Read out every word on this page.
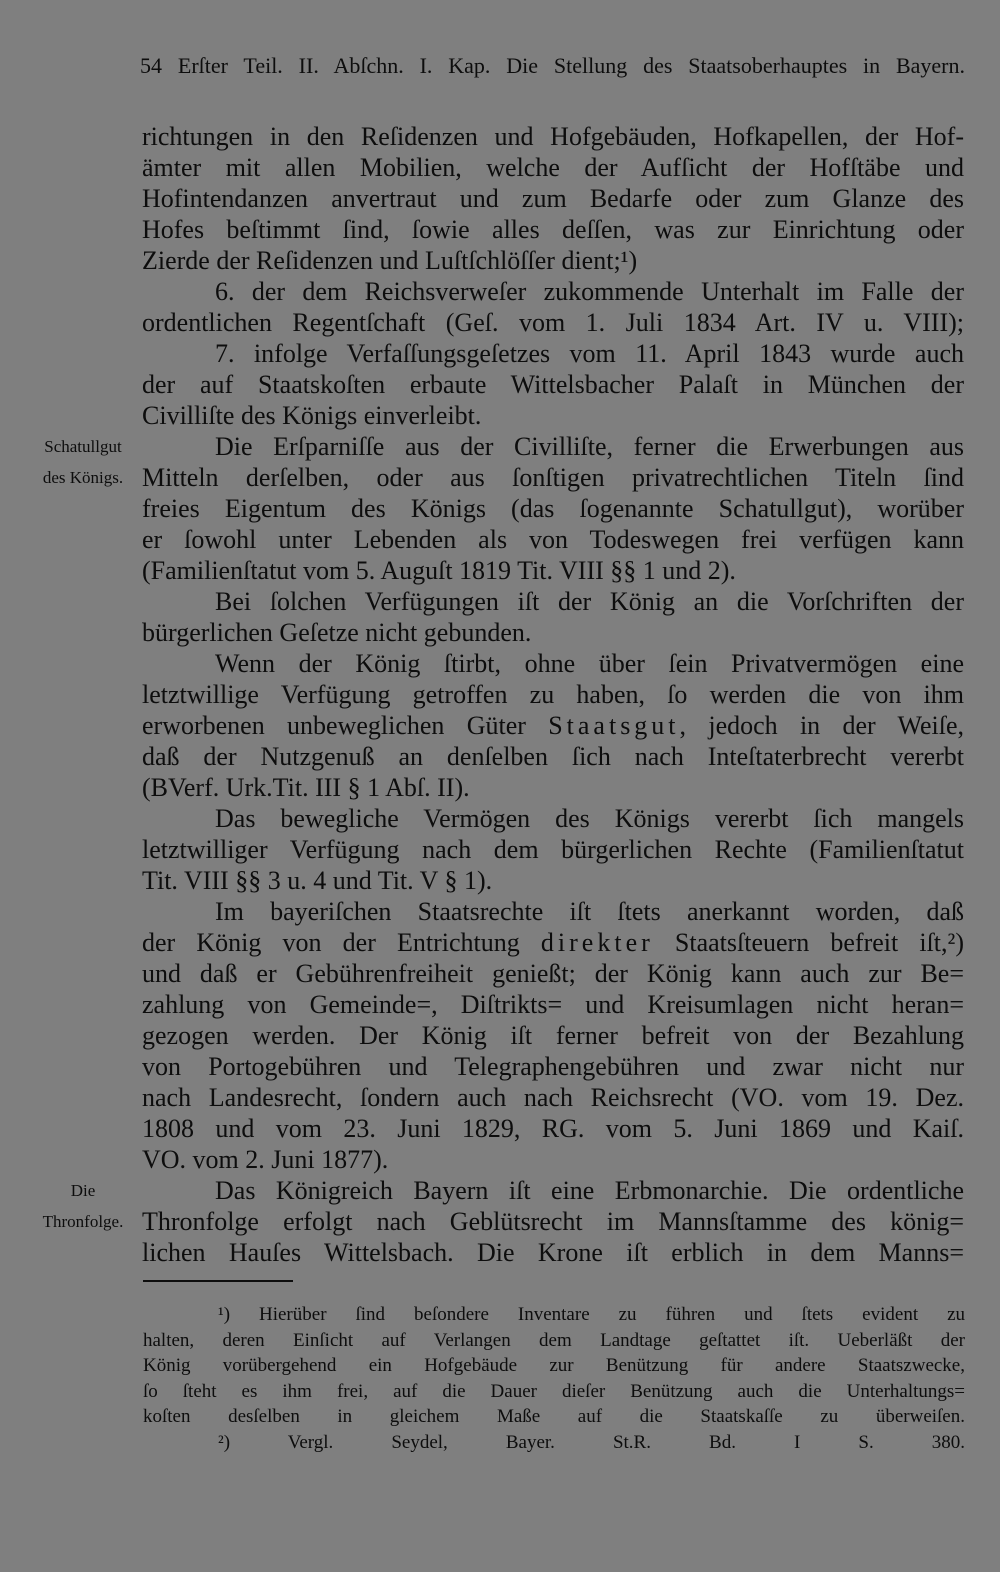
54 Erſter Teil. II. Abſchn. I. Kap. Die Stellung des Staatsoberhauptes in Bayern.
Schatullgut
des Königs.
Die
Thronfolge.
richtungen in den Reſidenzen und Hofgebäuden, Hofkapellen, der Hof-
ämter mit allen Mobilien, welche der Aufſicht der Hofſtäbe und
Hofintendanzen anvertraut und zum Bedarfe oder zum Glanze des
Hofes beſtimmt ſind, ſowie alles deſſen, was zur Einrichtung oder
Zierde der Reſidenzen und Luſtſchlöſſer dient;¹)
6. der dem Reichsverweſer zukommende Unterhalt im Falle der
ordentlichen Regentſchaft (Geſ. vom 1. Juli 1834 Art. IV u. VIII);
7. infolge Verfaſſungsgeſetzes vom 11. April 1843 wurde auch
der auf Staatskoſten erbaute Wittelsbacher Palaſt in München der
Civilliſte des Königs einverleibt.
Die Erſparniſſe aus der Civilliſte, ferner die Erwerbungen aus
Mitteln derſelben, oder aus ſonſtigen privatrechtlichen Titeln ſind
freies Eigentum des Königs (das ſogenannte Schatullgut), worüber
er ſowohl unter Lebenden als von Todeswegen frei verfügen kann
(Familienſtatut vom 5. Auguſt 1819 Tit. VIII §§ 1 und 2).
Bei ſolchen Verfügungen iſt der König an die Vorſchriften der
bürgerlichen Geſetze nicht gebunden.
Wenn der König ſtirbt, ohne über ſein Privatvermögen eine
letztwillige Verfügung getroffen zu haben, ſo werden die von ihm
erworbenen unbeweglichen Güter Staatsgut, jedoch in der Weiſe,
daß der Nutzgenuß an denſelben ſich nach Inteſtaterbrecht vererbt
(BVerf. Urk.Tit. III § 1 Abſ. II).
Das bewegliche Vermögen des Königs vererbt ſich mangels
letztwilliger Verfügung nach dem bürgerlichen Rechte (Familienſtatut
Tit. VIII §§ 3 u. 4 und Tit. V § 1).
Im bayeriſchen Staatsrechte iſt ſtets anerkannt worden, daß
der König von der Entrichtung direkter Staatsſteuern befreit iſt,²)
und daß er Gebührenfreiheit genießt; der König kann auch zur Be=
zahlung von Gemeinde=, Diſtrikts= und Kreisumlagen nicht heran=
gezogen werden. Der König iſt ferner befreit von der Bezahlung
von Portogebühren und Telegraphengebühren und zwar nicht nur
nach Landesrecht, ſondern auch nach Reichsrecht (VO. vom 19. Dez.
1808 und vom 23. Juni 1829, RG. vom 5. Juni 1869 und Kaiſ.
VO. vom 2. Juni 1877).
Das Königreich Bayern iſt eine Erbmonarchie. Die ordentliche
Thronfolge erfolgt nach Geblütsrecht im Mannsſtamme des könig=
lichen Hauſes Wittelsbach. Die Krone iſt erblich in dem Manns=
¹) Hierüber ſind beſondere Inventare zu führen und ſtets evident zu
halten, deren Einſicht auf Verlangen dem Landtage geſtattet iſt. Ueberläßt der
König vorübergehend ein Hofgebäude zur Benützung für andere Staatszwecke,
ſo ſteht es ihm frei, auf die Dauer dieſer Benützung auch die Unterhaltungs=
koſten desſelben in gleichem Maße auf die Staatskaſſe zu überweiſen.
²) Vergl. Seydel, Bayer. St.R. Bd. I S. 380.
